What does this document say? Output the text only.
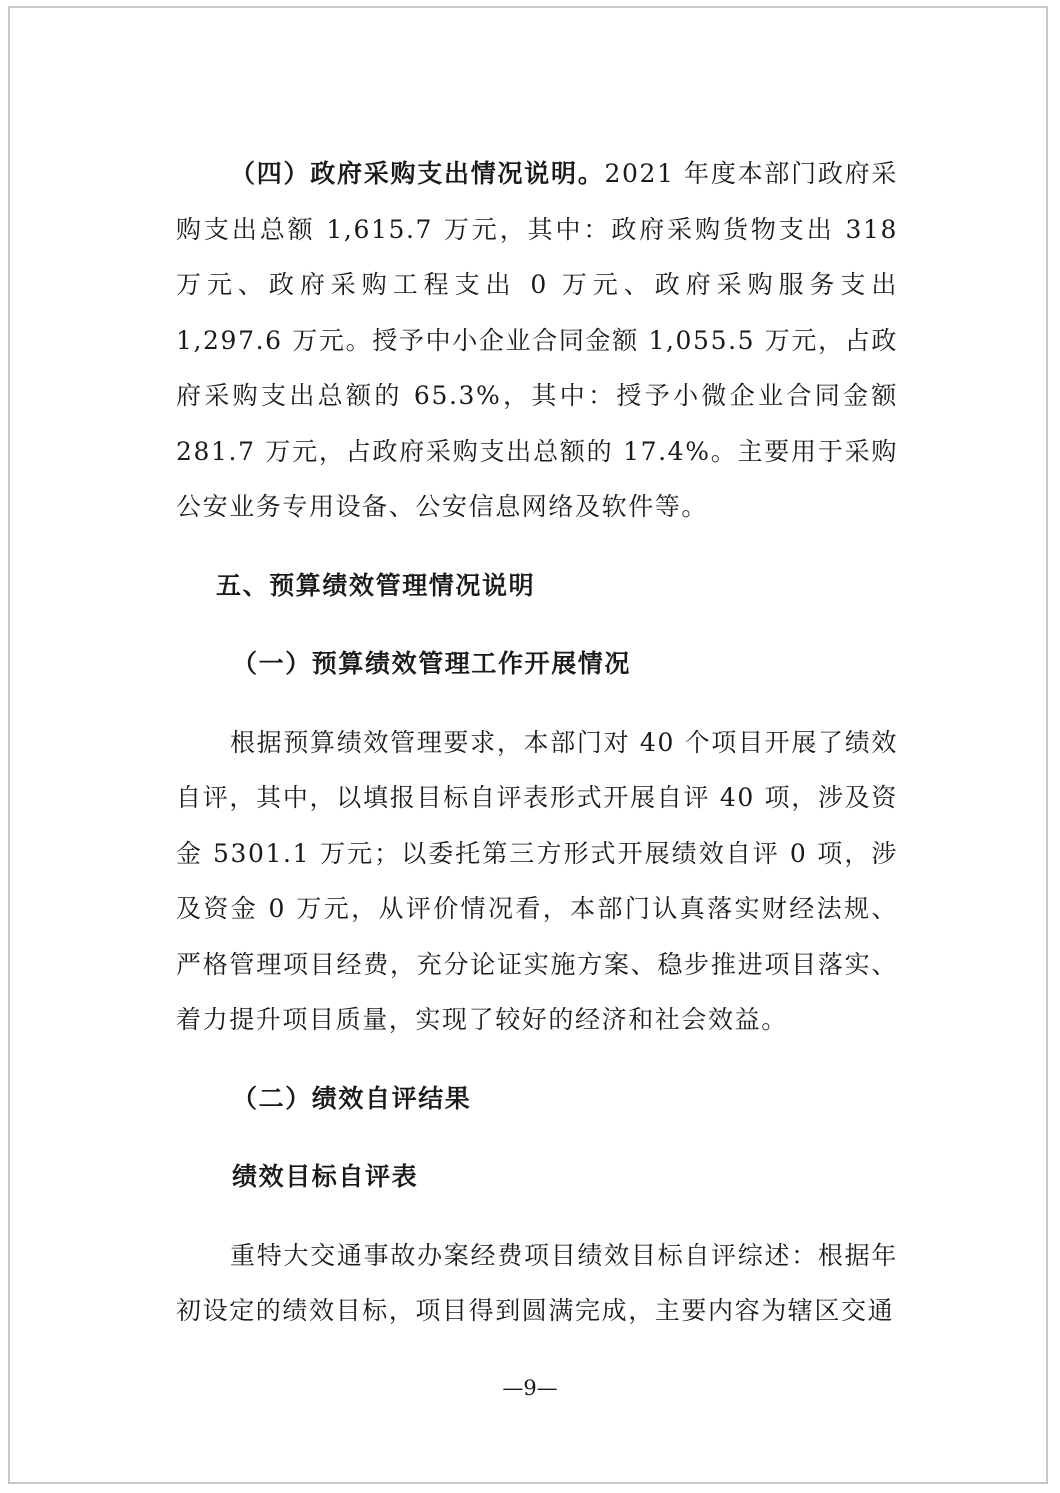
（四）政府采购支出情况说明。2021 年度本部门政府采购支出总额 1,615.7 万元，其中：政府采购货物支出 318 万元、政府采购工程支出 0 万元、政府采购服务支出 1,297.6 万元。授予中小企业合同金额 1,055.5 万元，占政府采购支出总额的 65.3%，其中：授予小微企业合同金额 281.7 万元，占政府采购支出总额的 17.4%。主要用于采购公安业务专用设备、公安信息网络及软件等。

五、预算绩效管理情况说明

（一）预算绩效管理工作开展情况

根据预算绩效管理要求，本部门对 40 个项目开展了绩效自评，其中，以填报目标自评表形式开展自评 40 项，涉及资金 5301.1 万元；以委托第三方形式开展绩效自评 0 项，涉及资金 0 万元，从评价情况看，本部门认真落实财经法规、严格管理项目经费，充分论证实施方案、稳步推进项目落实、着力提升项目质量，实现了较好的经济和社会效益。

（二）绩效自评结果

绩效目标自评表

重特大交通事故办案经费项目绩效目标自评综述：根据年初设定的绩效目标，项目得到圆满完成，主要内容为辖区交通

—9—
